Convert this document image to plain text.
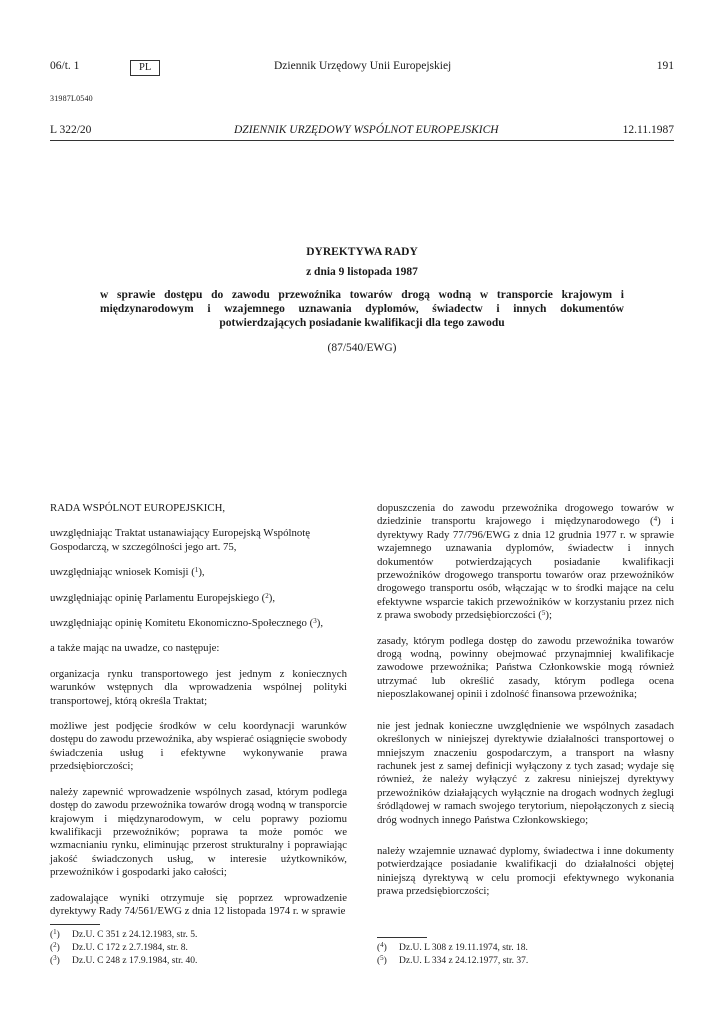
06/t. 1	PL	Dziennik Urzędowy Unii Europejskiej	191
31987L0540
L 322/20	DZIENNIK URZĘDOWY WSPÓLNOT EUROPEJSKICH	12.11.1987

DYREKTYWA RADY

z dnia 9 listopada 1987

w sprawie dostępu do zawodu przewoźnika towarów drogą wodną w transporcie krajowym i międzynarodowym i wzajemnego uznawania dyplomów, świadectw i innych dokumentów potwierdzających posiadanie kwalifikacji dla tego zawodu

(87/540/EWG)

RADA WSPÓLNOT EUROPEJSKICH,

uwzględniając Traktat ustanawiający Europejską Wspólnotę Gospodarczą, w szczególności jego art. 75,

uwzględniając wniosek Komisji ($^1$),

uwzględniając opinię Parlamentu Europejskiego ($^2$),

uwzględniając opinię Komitetu Ekonomiczno-Społecznego ($^3$),

a także mając na uwadze, co następuje:

organizacja rynku transportowego jest jednym z koniecznych warunków wstępnych dla wprowadzenia wspólnej polityki transportowej, którą określa Traktat;

możliwe jest podjęcie środków w celu koordynacji warunków dostępu do zawodu przewoźnika, aby wspierać osiągnięcie swobody świadczenia usług i efektywne wykonywanie prawa przedsiębiorczości;

należy zapewnić wprowadzenie wspólnych zasad, którym podlega dostęp do zawodu przewoźnika towarów drogą wodną w transporcie krajowym i międzynarodowym, w celu poprawy poziomu kwalifikacji przewoźników; poprawa ta może pomóc we wzmacnianiu rynku, eliminując przerost strukturalny i poprawiając jakość świadczonych usług, w interesie użytkowników, przewoźników i gospodarki jako całości;

zadowalające wyniki otrzymuje się poprzez wprowadzenie dyrektywy Rady 74/561/EWG z dnia 12 listopada 1974 r. w sprawie

dopuszczenia do zawodu przewoźnika drogowego towarów w dziedzinie transportu krajowego i międzynarodowego ($^4$) i dyrektywy Rady 77/796/EWG z dnia 12 grudnia 1977 r. w sprawie wzajemnego uznawania dyplomów, świadectw i innych dokumentów potwierdzających posiadanie kwalifikacji przewoźników drogowego transportu towarów oraz przewoźników drogowego transportu osób, włączając w to środki mające na celu efektywne wsparcie takich przewoźników w korzystaniu przez nich z prawa swobody przedsiębiorczości ($^5$);

zasady, którym podlega dostęp do zawodu przewoźnika towarów drogą wodną, powinny obejmować przynajmniej kwalifikacje zawodowe przewoźnika; Państwa Członkowskie mogą również utrzymać lub określić zasady, którym podlega ocena nieposzlakowanej opinii i zdolność finansowa przewoźnika;

nie jest jednak konieczne uwzględnienie we wspólnych zasadach określonych w niniejszej dyrektywie działalności transportowej o mniejszym znaczeniu gospodarczym, a transport na własny rachunek jest z samej definicji wyłączony z tych zasad; wydaje się również, że należy wyłączyć z zakresu niniejszej dyrektywy przewoźników działających wyłącznie na drogach wodnych żeglugi śródlądowej w ramach swojego terytorium, niepołączonych z siecią dróg wodnych innego Państwa Członkowskiego;

należy wzajemnie uznawać dyplomy, świadectwa i inne dokumenty potwierdzające posiadanie kwalifikacji do działalności objętej niniejszą dyrektywą w celu promocji efektywnego wykonania prawa przedsiębiorczości;

($^1$) Dz.U. C 351 z 24.12.1983, str. 5.
($^2$) Dz.U. C 172 z 2.7.1984, str. 8.
($^3$) Dz.U. C 248 z 17.9.1984, str. 40.
($^4$) Dz.U. L 308 z 19.11.1974, str. 18.
($^5$) Dz.U. L 334 z 24.12.1977, str. 37.
